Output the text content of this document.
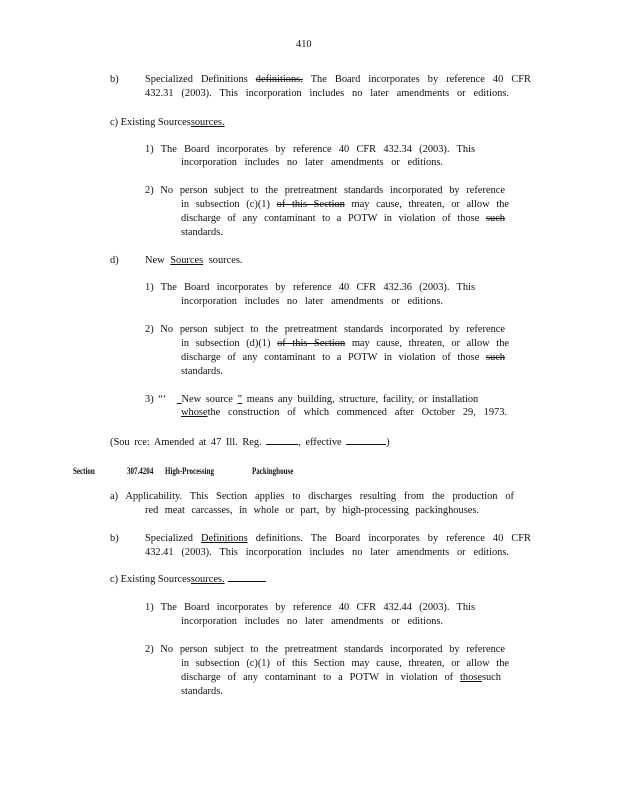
410
b)	Specialized Definitions definitions. The Board incorporates by reference 40 CFR
432.31 (2003). This incorporation includes no later amendments or editions.
c) Existing Sourcessources.
1) The Board incorporates by reference 40 CFR 432.34 (2003). This
incorporation includes no later amendments or editions.
2) No person subject to the pretreatment standards incorporated by reference
in subsection (c)(1) of this Section may cause, threaten, or allow the
discharge of any contaminant to a POTW in violation of those such
standards.
d)	New Sources sources.
1) The Board incorporates by reference 40 CFR 432.36 (2003). This
incorporation includes no later amendments or editions.
2) No person subject to the pretreatment standards incorporated by reference
in subsection (d)(1) of this Section may cause, threaten, or allow the
discharge of any contaminant to a POTW in violation of those such
standards.
3) “‘ New source ” means any building, structure, facility, or installation
whosethe construction of which commenced after October 29, 1973.
(Sou rce: Amended at 47 Ill. Reg.	, effective	)
Section	307.4204 High-Processing	Packinghouse
a) Applicability. This Section applies to discharges resulting from the production of
red meat carcasses, in whole or part, by high-processing packinghouses.
b)	Specialized Definitions definitions. The Board incorporates by reference 40 CFR
432.41 (2003). This incorporation includes no later amendments or editions.
c) Existing Sourcessources.
1) The Board incorporates by reference 40 CFR 432.44 (2003). This
incorporation includes no later amendments or editions.
2) No person subject to the pretreatment standards incorporated by reference
in subsection (c)(1) of this Section may cause, threaten, or allow the
discharge of any contaminant to a POTW in violation of thosesuch
standards.
